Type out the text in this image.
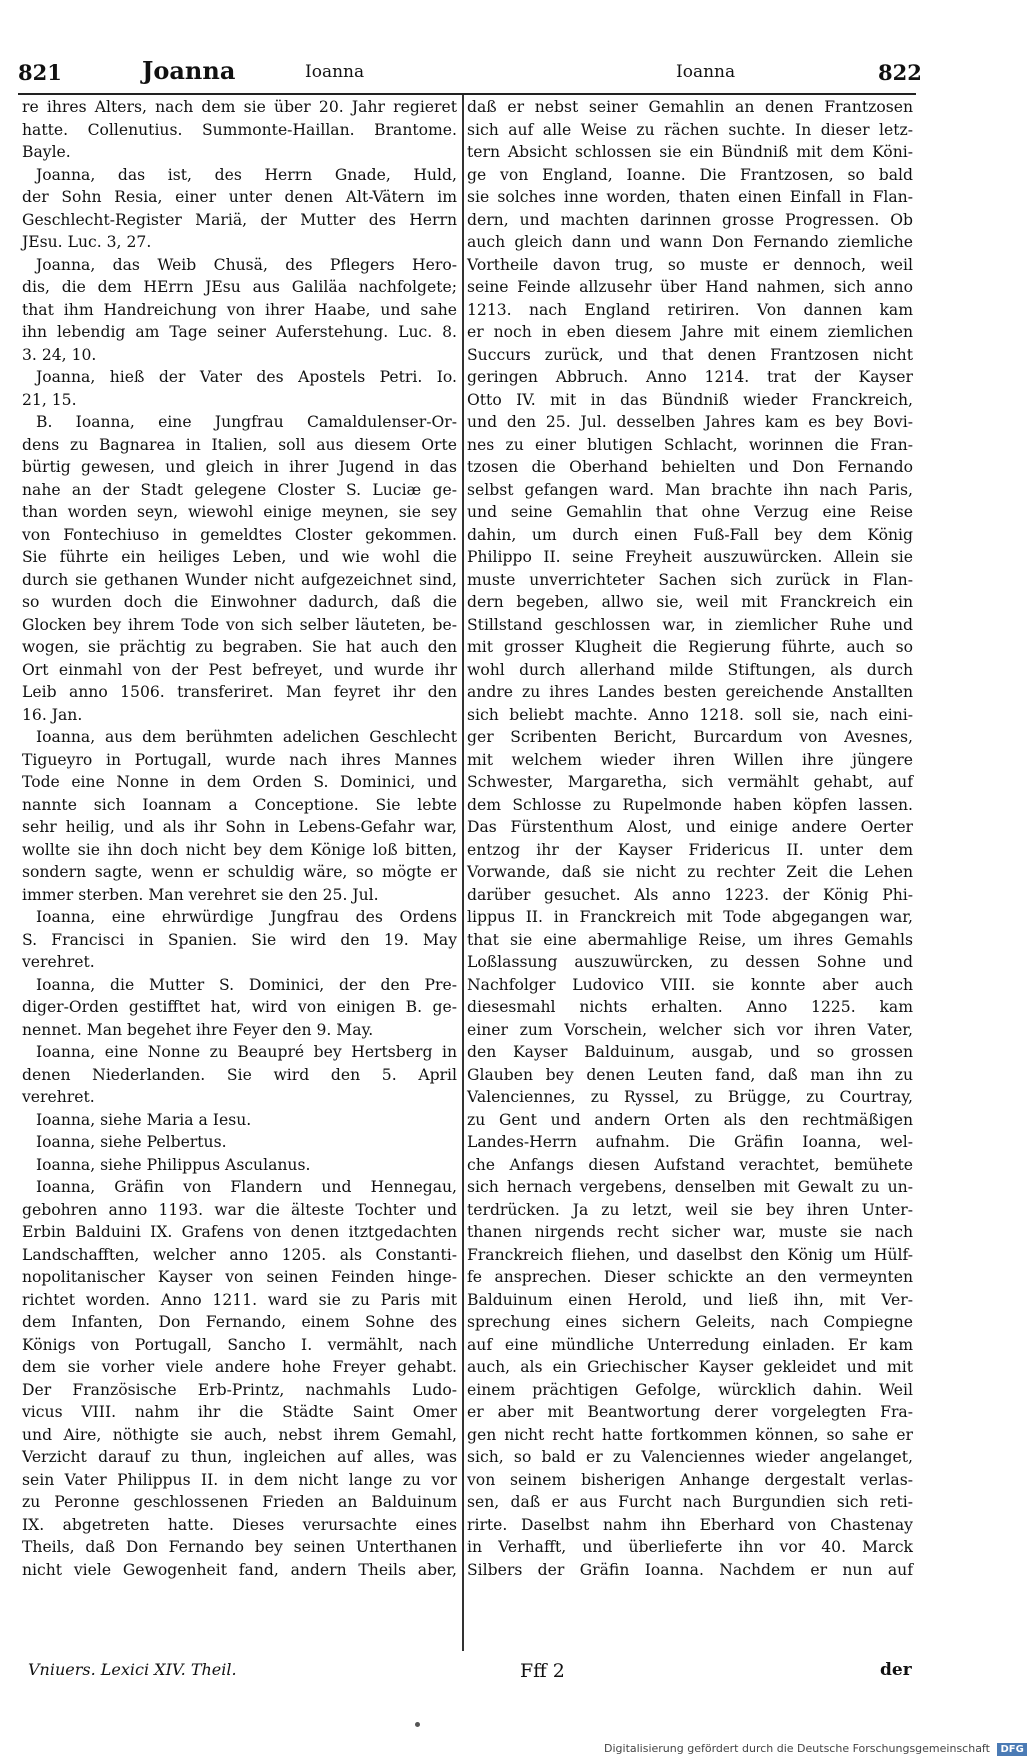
821	Joanna	Ioanna	Ioanna	822
re ihres Alters, nach dem sie über 20. Jahr regieret
hatte. Collenutius. Summonte-Haillan. Brantome.
Bayle.
Joanna, das ist, des Herrn Gnade, Huld,
der Sohn Resia, einer unter denen Alt-Vätern im
Geschlecht-Register Mariä, der Mutter des Herrn
JEsu. Luc. 3, 27.
Joanna, das Weib Chusä, des Pflegers Hero-
dis, die dem HErrn JEsu aus Galiläa nachfolgete;
that ihm Handreichung von ihrer Haabe, und sahe
ihn lebendig am Tage seiner Auferstehung. Luc. 8.
3. 24, 10.
Joanna, hieß der Vater des Apostels Petri. Io.
21, 15.
B. Ioanna, eine Jungfrau Camaldulenser-Or-
dens zu Bagnarea in Italien, soll aus diesem Orte
bürtig gewesen, und gleich in ihrer Jugend in das
nahe an der Stadt gelegene Closter S. Luciæ ge-
than worden seyn, wiewohl einige meynen, sie sey
von Fontechiuso in gemeldtes Closter gekommen.
Sie führte ein heiliges Leben, und wie wohl die
durch sie gethanen Wunder nicht aufgezeichnet sind,
so wurden doch die Einwohner dadurch, daß die
Glocken bey ihrem Tode von sich selber läuteten, be-
wogen, sie prächtig zu begraben. Sie hat auch den
Ort einmahl von der Pest befreyet, und wurde ihr
Leib anno 1506. transferiret. Man feyret ihr den
16. Jan.
Ioanna, aus dem berühmten adelichen Geschlecht
Tigueyro in Portugall, wurde nach ihres Mannes
Tode eine Nonne in dem Orden S. Dominici, und
nannte sich Ioannam a Conceptione. Sie lebte
sehr heilig, und als ihr Sohn in Lebens-Gefahr war,
wollte sie ihn doch nicht bey dem Könige loß bitten,
sondern sagte, wenn er schuldig wäre, so mögte er
immer sterben. Man verehret sie den 25. Jul.
Ioanna, eine ehrwürdige Jungfrau des Ordens
S. Francisci in Spanien. Sie wird den 19. May
verehret.
Ioanna, die Mutter S. Dominici, der den Pre-
diger-Orden gestifftet hat, wird von einigen B. ge-
nennet. Man begehet ihre Feyer den 9. May.
Ioanna, eine Nonne zu Beaupré bey Hertsberg in
denen Niederlanden. Sie wird den 5. April
verehret.
Ioanna, siehe Maria a Iesu.
Ioanna, siehe Pelbertus.
Ioanna, siehe Philippus Asculanus.
Ioanna, Gräfin von Flandern und Hennegau,
gebohren anno 1193. war die älteste Tochter und
Erbin Balduini IX. Grafens von denen itztgedachten
Landschafften, welcher anno 1205. als Constanti-
nopolitanischer Kayser von seinen Feinden hinge-
richtet worden. Anno 1211. ward sie zu Paris mit
dem Infanten, Don Fernando, einem Sohne des
Königs von Portugall, Sancho I. vermählt, nach
dem sie vorher viele andere hohe Freyer gehabt.
Der Französische Erb-Printz, nachmahls Ludo-
vicus VIII. nahm ihr die Städte Saint Omer
und Aire, nöthigte sie auch, nebst ihrem Gemahl,
Verzicht darauf zu thun, ingleichen auf alles, was
sein Vater Philippus II. in dem nicht lange zu vor
zu Peronne geschlossenen Frieden an Balduinum
IX. abgetreten hatte. Dieses verursachte eines
Theils, daß Don Fernando bey seinen Unterthanen
nicht viele Gewogenheit fand, andern Theils aber,
daß er nebst seiner Gemahlin an denen Frantzosen
sich auf alle Weise zu rächen suchte. In dieser letz-
tern Absicht schlossen sie ein Bündniß mit dem Köni-
ge von England, Ioanne. Die Frantzosen, so bald
sie solches inne worden, thaten einen Einfall in Flan-
dern, und machten darinnen grosse Progressen. Ob
auch gleich dann und wann Don Fernando ziemliche
Vortheile davon trug, so muste er dennoch, weil
seine Feinde allzusehr über Hand nahmen, sich anno
1213. nach England retiriren. Von dannen kam
er noch in eben diesem Jahre mit einem ziemlichen
Succurs zurück, und that denen Frantzosen nicht
geringen Abbruch. Anno 1214. trat der Kayser
Otto IV. mit in das Bündniß wieder Franckreich,
und den 25. Jul. desselben Jahres kam es bey Bovi-
nes zu einer blutigen Schlacht, worinnen die Fran-
tzosen die Oberhand behielten und Don Fernando
selbst gefangen ward. Man brachte ihn nach Paris,
und seine Gemahlin that ohne Verzug eine Reise
dahin, um durch einen Fuß-Fall bey dem König
Philippo II. seine Freyheit auszuwürcken. Allein sie
muste unverrichteter Sachen sich zurück in Flan-
dern begeben, allwo sie, weil mit Franckreich ein
Stillstand geschlossen war, in ziemlicher Ruhe und
mit grosser Klugheit die Regierung führte, auch so
wohl durch allerhand milde Stiftungen, als durch
andre zu ihres Landes besten gereichende Anstallten
sich beliebt machte. Anno 1218. soll sie, nach eini-
ger Scribenten Bericht, Burcardum von Avesnes,
mit welchem wieder ihren Willen ihre jüngere
Schwester, Margaretha, sich vermählt gehabt, auf
dem Schlosse zu Rupelmonde haben köpfen lassen.
Das Fürstenthum Alost, und einige andere Oerter
entzog ihr der Kayser Fridericus II. unter dem
Vorwande, daß sie nicht zu rechter Zeit die Lehen
darüber gesuchet. Als anno 1223. der König Phi-
lippus II. in Franckreich mit Tode abgegangen war,
that sie eine abermahlige Reise, um ihres Gemahls
Loßlassung auszuwürcken, zu dessen Sohne und
Nachfolger Ludovico VIII. sie konnte aber auch
diesesmahl nichts erhalten. Anno 1225. kam
einer zum Vorschein, welcher sich vor ihren Vater,
den Kayser Balduinum, ausgab, und so grossen
Glauben bey denen Leuten fand, daß man ihn zu
Valenciennes, zu Ryssel, zu Brügge, zu Courtray,
zu Gent und andern Orten als den rechtmäßigen
Landes-Herrn aufnahm. Die Gräfin Ioanna, wel-
che Anfangs diesen Aufstand verachtet, bemühete
sich hernach vergebens, denselben mit Gewalt zu un-
terdrücken. Ja zu letzt, weil sie bey ihren Unter-
thanen nirgends recht sicher war, muste sie nach
Franckreich fliehen, und daselbst den König um Hülf-
fe ansprechen. Dieser schickte an den vermeynten
Balduinum einen Herold, und ließ ihn, mit Ver-
sprechung eines sichern Geleits, nach Compiegne
auf eine mündliche Unterredung einladen. Er kam
auch, als ein Griechischer Kayser gekleidet und mit
einem prächtigen Gefolge, würcklich dahin. Weil
er aber mit Beantwortung derer vorgelegten Fra-
gen nicht recht hatte fortkommen können, so sahe er
sich, so bald er zu Valenciennes wieder angelanget,
von seinem bisherigen Anhange dergestalt verlas-
sen, daß er aus Furcht nach Burgundien sich reti-
rirte. Daselbst nahm ihn Eberhard von Chastenay
in Verhafft, und überlieferte ihn vor 40. Marck
Silbers der Gräfin Ioanna. Nachdem er nun auf
Vniuers. Lexici XIV. Theil.	Fff 2	der
Digitalisierung gefördert durch die Deutsche Forschungsgemeinschaft DFG
